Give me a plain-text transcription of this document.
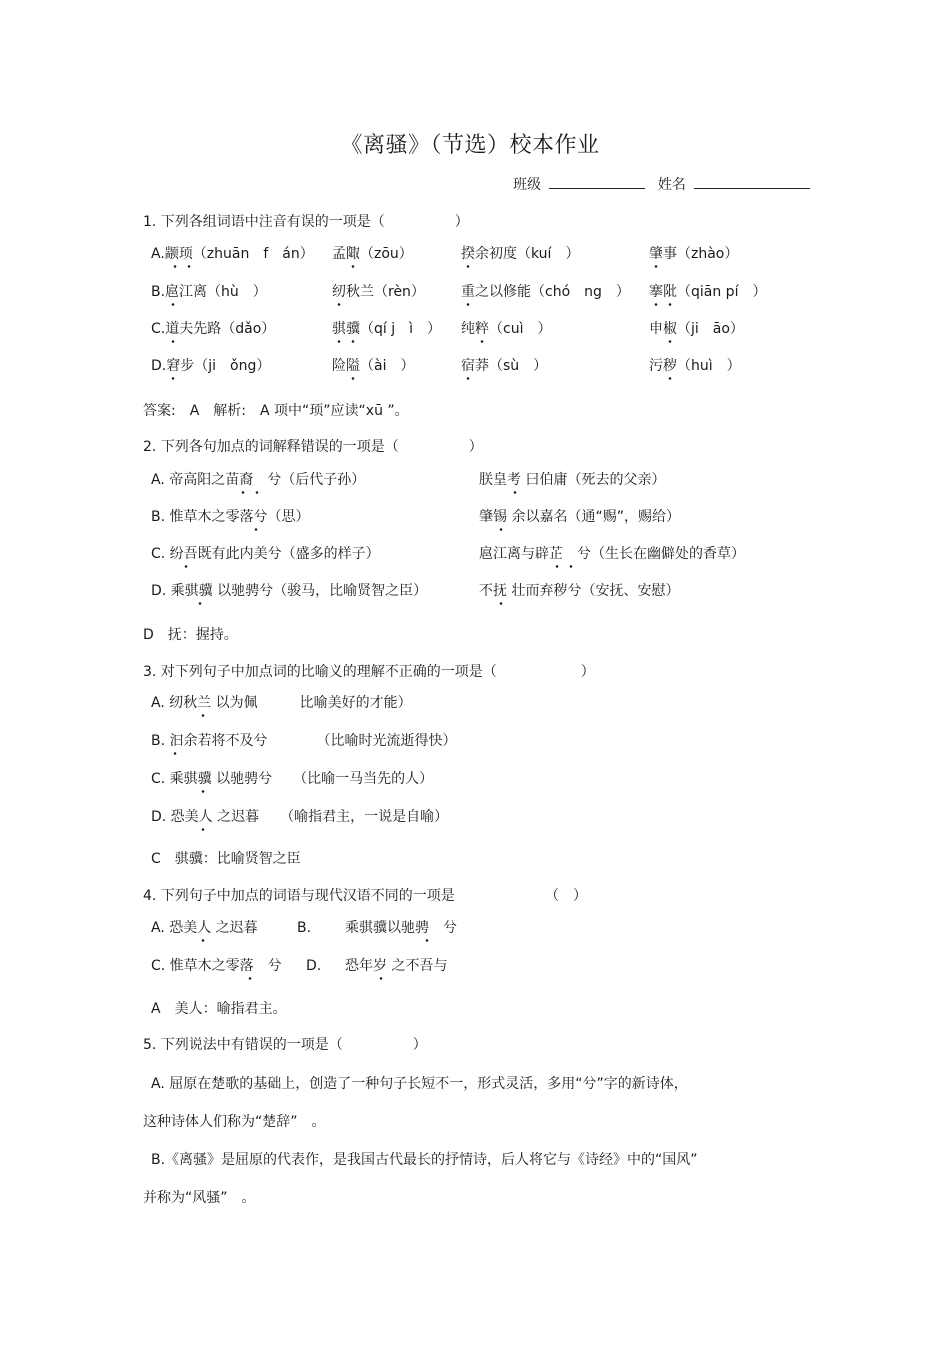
《离骚》（节选）校本作业
班级	姓名
1. 下列各组词语中注音有误的一项是（　　　　　）
A.颛顼（zhuān　f　án） 孟陬（zōu）	揆余初度（kuí　）	肇事（zhào）
B.扈江离（hù　）	纫秋兰（rèn）	重之以修能（chó　ng　） 搴阰（qiān pí　）
C.道夫先路（dǎo）	骐骥（qí j　ì　） 纯粹（cuì　）	申椒（ji　āo）
D.窘步（ji　ǒng）	险隘（ài　）	宿莽（sù　）	污秽（huì　）
答案:　A　解析:　A 项中“顼”应读“xū ”。
2. 下列各句加点的词解释错误的一项是（　　　　　）
A. 帝高阳之苗裔　兮（后代子孙）	朕皇考 曰伯庸（死去的父亲）
B. 惟草木之零落兮（思）	肇锡 余以嘉名（通“赐”，赐给）
C. 纷吾既有此内美兮（盛多的样子）	扈江离与辟芷　兮（生长在幽僻处的香草）
D. 乘骐骥 以驰骋兮（骏马，比喻贤智之臣）	不抚 壮而弃秽兮（安抚、安慰）
D　抚：握持。
3. 对下列句子中加点词的比喻义的理解不正确的一项是（　　　　　　）
A. 纫秋兰 以为佩　　　比喻美好的才能）
B. 汩余若将不及兮　　　　（比喻时光流逝得快）
C. 乘骐骥 以驰骋兮　　（比喻一马当先的人）
D. 恐美人 之迟暮　　（喻指君主，一说是自喻）
C　骐骥：比喻贤智之臣
4. 下列句子中加点的词语与现代汉语不同的一项是	（　）
A. 恐美人 之迟暮	B. 乘骐骥以驰骋　兮
C. 惟草木之零落　兮 D. 恐年岁 之不吾与
A　美人：喻指君主。
5. 下列说法中有错误的一项是（　　　　　）
A. 屈原在楚歌的基础上，创造了一种句子长短不一，形式灵活，多用“兮”字的新诗体，
这种诗体人们称为“楚辞”　。
B.《离骚》是屈原的代表作，是我国古代最长的抒情诗，后人将它与《诗经》中的“国风”
并称为“风骚”　。
